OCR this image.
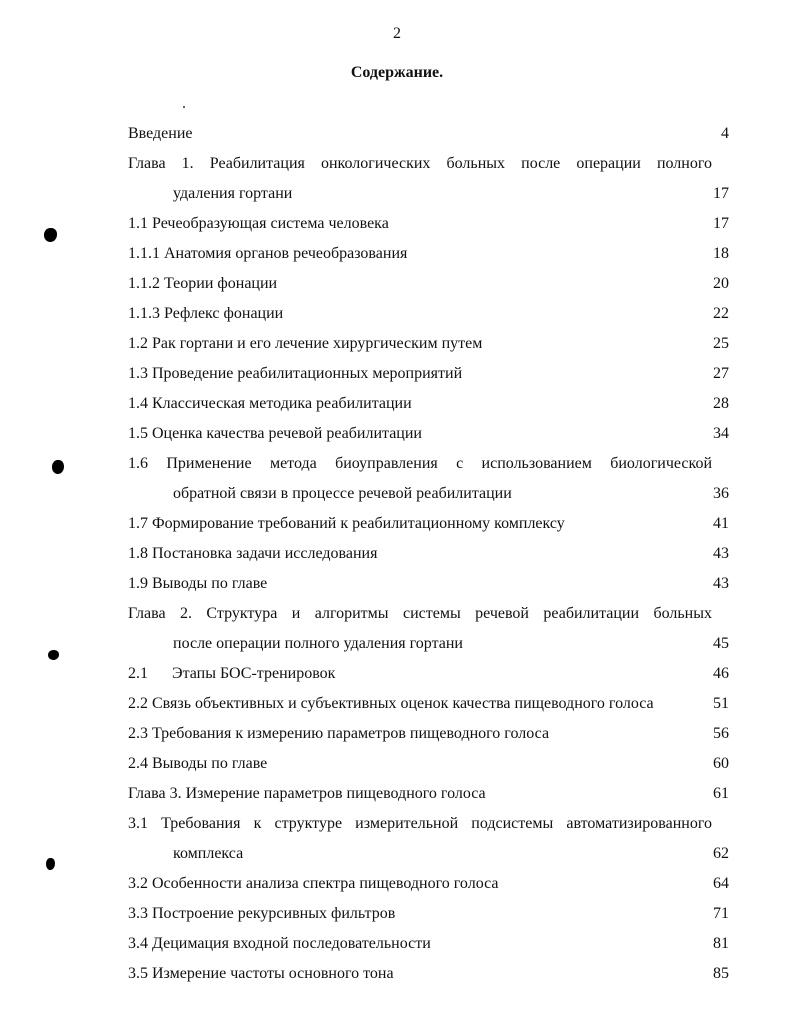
2
Содержание.
Введение	4
Глава 1. Реабилитация онкологических больных после операции полного
удаления гортани	17
1.1 Речеобразующая система человека	17
1.1.1 Анатомия органов речеобразования	18
1.1.2 Теории фонации	20
1.1.3 Рефлекс фонации	22
1.2 Рак гортани и его лечение хирургическим путем	25
1.3 Проведение реабилитационных мероприятий	27
1.4 Классическая методика реабилитации	28
1.5 Оценка качества речевой реабилитации	34
1.6 Применение метода биоуправления с использованием биологической
обратной связи в процессе речевой реабилитации	36
1.7 Формирование требований к реабилитационному комплексу	41
1.8 Постановка задачи исследования	43
1.9 Выводы по главе	43
Глава 2. Структура и алгоритмы системы речевой реабилитации больных
после операции полного удаления гортани	45
2.1 Этапы БОС-тренировок	46
2.2 Связь объективных и субъективных оценок качества пищеводного голоса	51
2.3 Требования к измерению параметров пищеводного голоса	56
2.4 Выводы по главе	60
Глава 3. Измерение параметров пищеводного голоса	61
3.1 Требования к структуре измерительной подсистемы автоматизированного
комплекса	62
3.2 Особенности анализа спектра пищеводного голоса	64
3.3 Построение рекурсивных фильтров	71
3.4 Децимация входной последовательности	81
3.5 Измерение частоты основного тона	85
